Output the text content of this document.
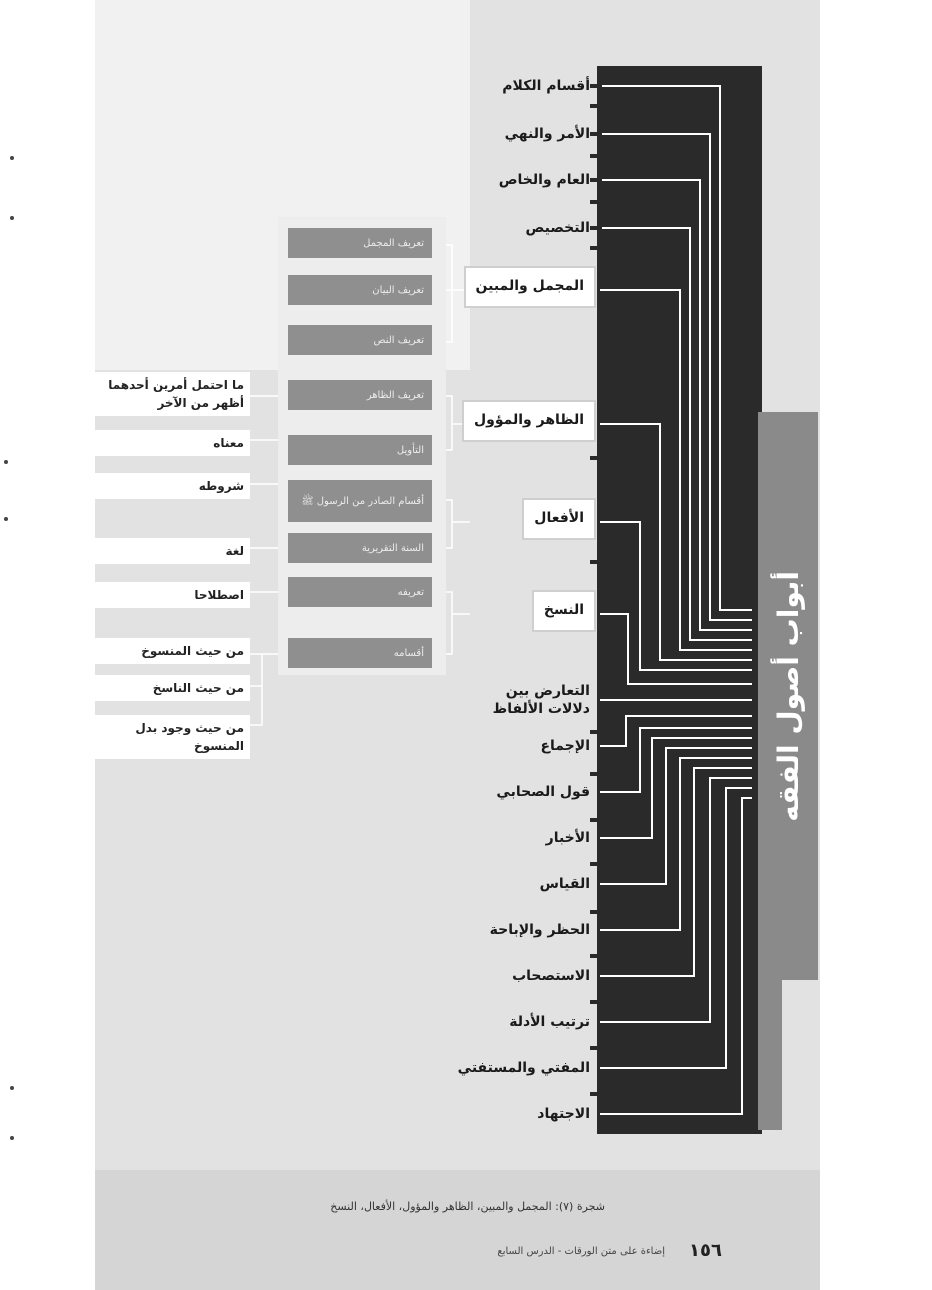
أبواب أصول الفقه
أقسام الكلام
الأمر والنهي
العام والخاص
التخصيص
المجمل والمبين
الظاهر والمؤول
الأفعال
النسخ
التعارض بين دلالات الألفاظ
الإجماع
قول الصحابي
الأخبار
القياس
الحظر والإباحة
الاستصحاب
ترتيب الأدلة
المفتي والمستفتي
الاجتهاد
تعريف المجمل
تعريف البيان
تعريف النص
تعريف الظاهر
التأويل
أقسام الصادر من الرسول ﷺ
السنة التقريرية
تعريفه
أقسامه
ما احتمل أمرين أحدهما أظهر من الآخر
معناه
شروطه
لغة
اصطلاحا
من حيث المنسوخ
من حيث الناسخ
من حيث وجود بدل المنسوخ
شجرة (٧): المجمل والمبين، الظاهر والمؤول، الأفعال، النسخ
إضاءة على متن الورقات - الدرس السابع	١٥٦
